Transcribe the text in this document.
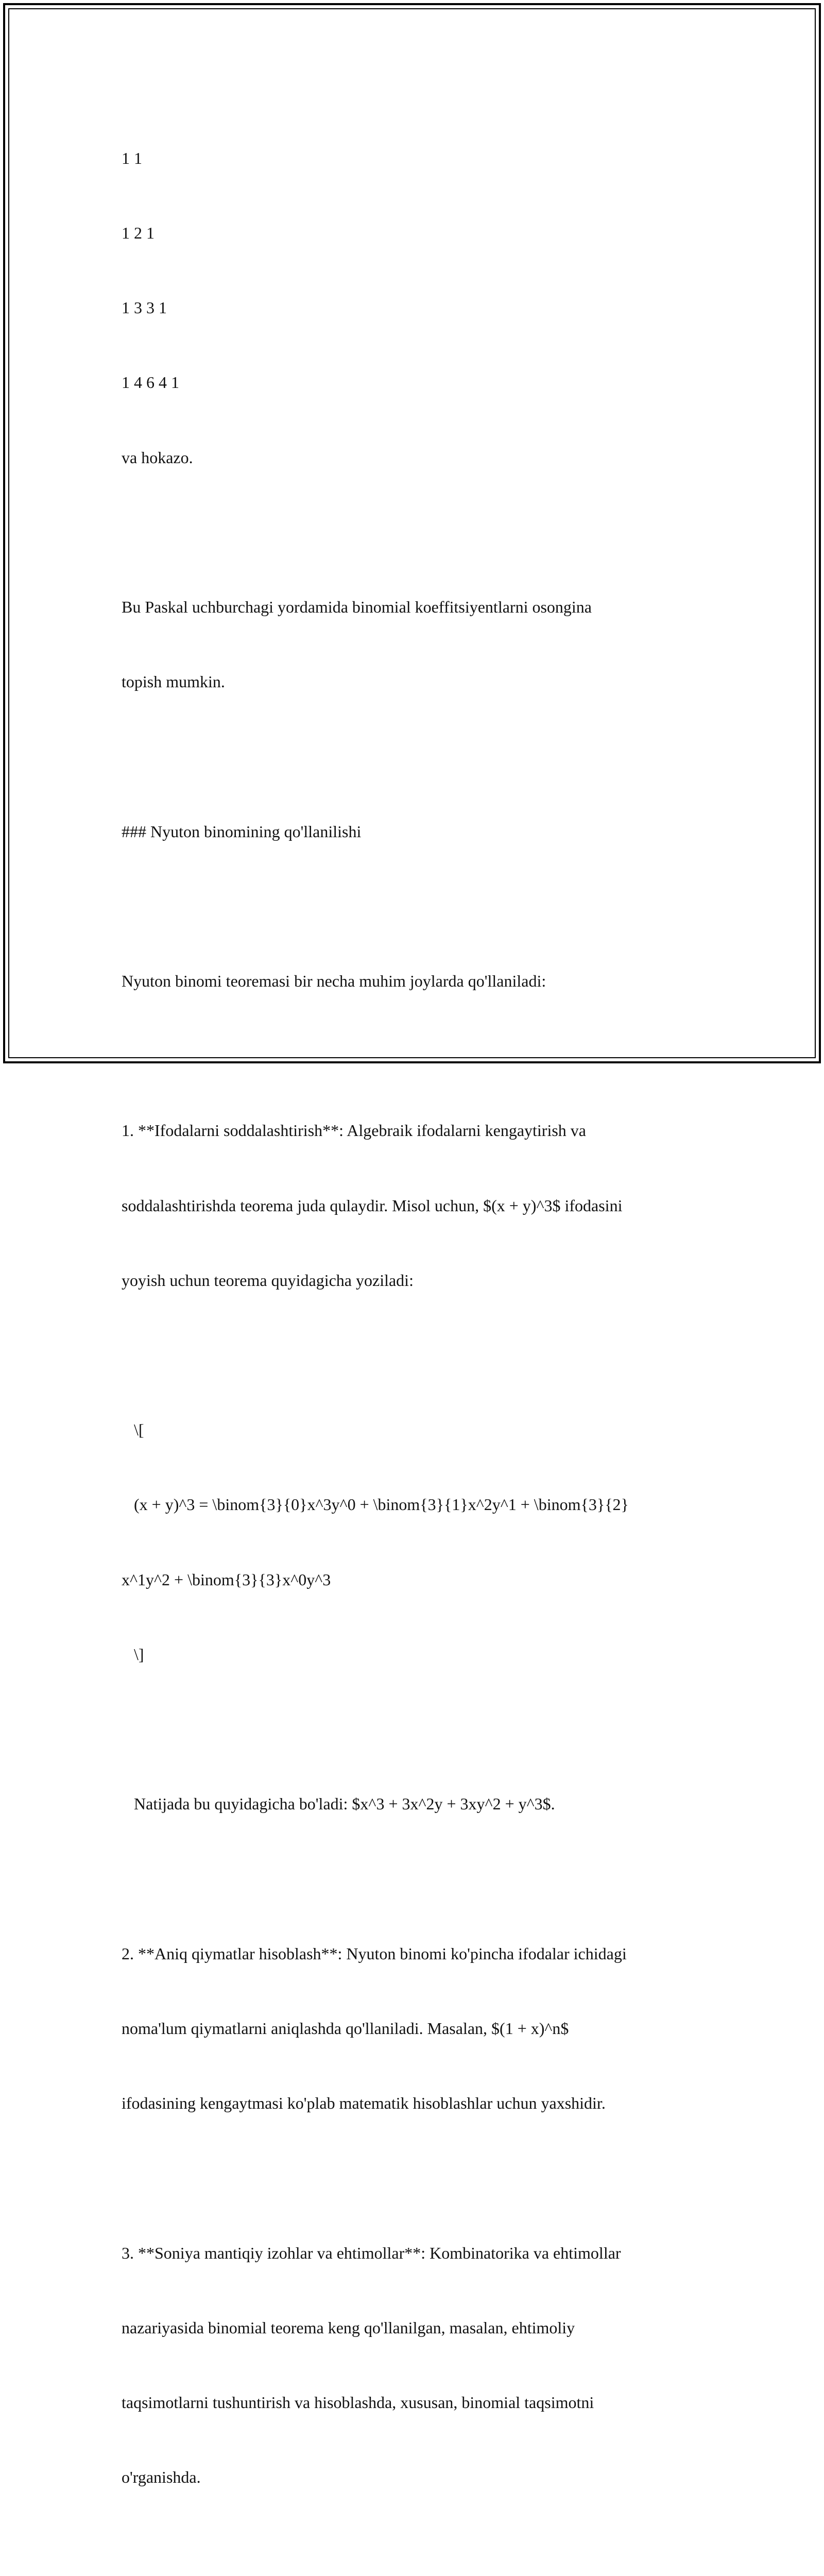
1 1

1 2 1

1 3 3 1

1 4 6 4 1

va hokazo.

Bu Paskal uchburchagi yordamida binomial koeffitsiyentlarni osongina

topish mumkin.

### Nyuton binomining qo'llanilishi

Nyuton binomi teoremasi bir necha muhim joylarda qo'llaniladi:

1. **Ifodalarni soddalashtirish**: Algebraik ifodalarni kengaytirish va

soddalashtirishda teorema juda qulaydir. Misol uchun, $(x + y)^3$ ifodasini

yoyish uchun teorema quyidagicha yoziladi:

\[

(x + y)^3 = \binom{3}{0}x^3y^0 + \binom{3}{1}x^2y^1 + \binom{3}{2}

x^1y^2 + \binom{3}{3}x^0y^3

\]

Natijada bu quyidagicha bo'ladi: $x^3 + 3x^2y + 3xy^2 + y^3$.

2. **Aniq qiymatlar hisoblash**: Nyuton binomi ko'pincha ifodalar ichidagi

noma'lum qiymatlarni aniqlashda qo'llaniladi. Masalan, $(1 + x)^n$

ifodasining kengaytmasi ko'plab matematik hisoblashlar uchun yaxshidir.

3. **Soniya mantiqiy izohlar va ehtimollar**: Kombinatorika va ehtimollar

nazariyasida binomial teorema keng qo'llanilgan, masalan, ehtimoliy

taqsimotlarni tushuntirish va hisoblashda, xususan, binomial taqsimotni

o'rganishda.
